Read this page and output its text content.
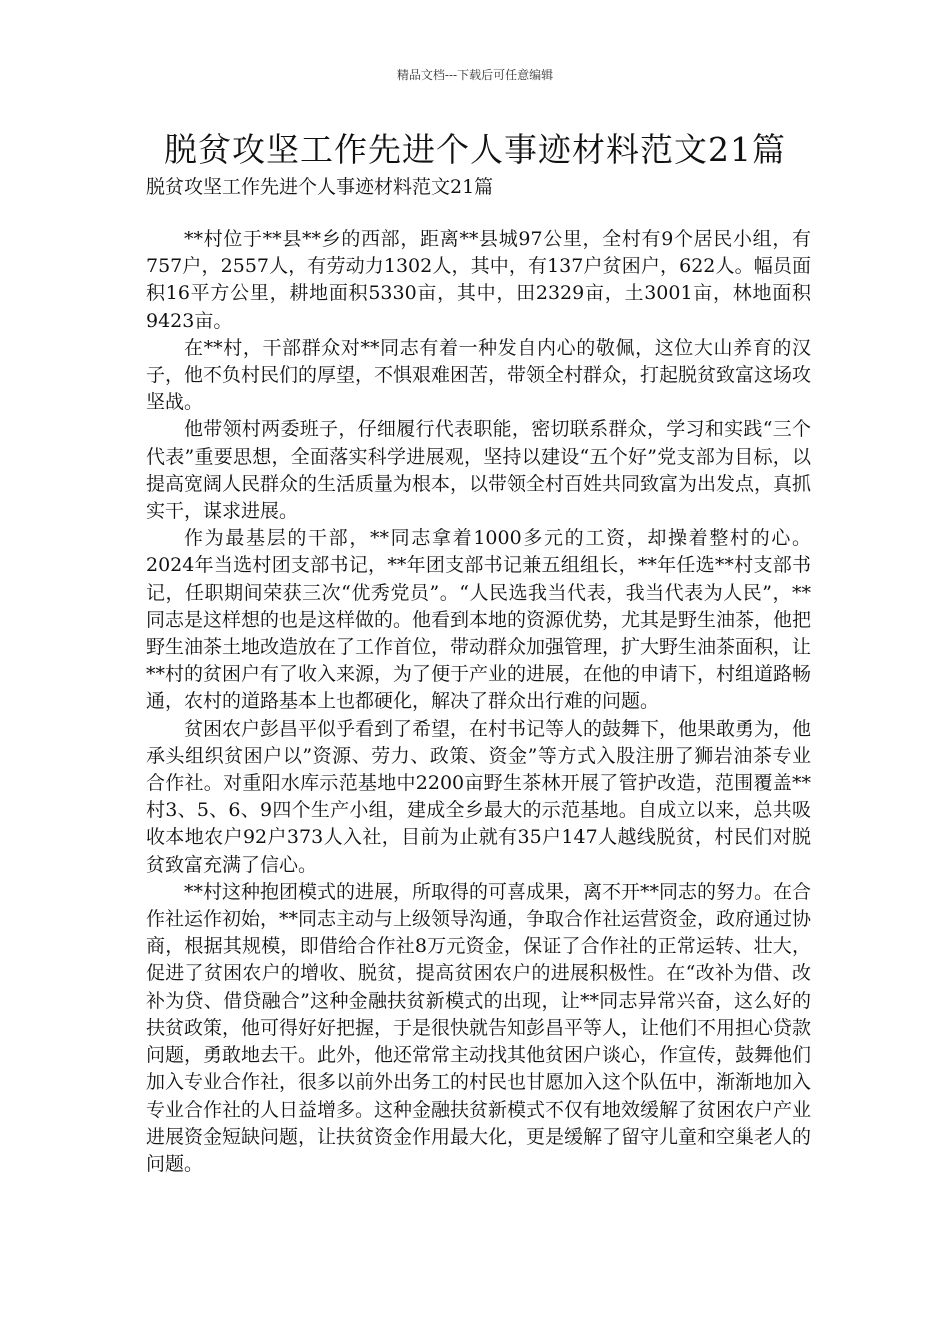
精品文档---下载后可任意编辑
脱贫攻坚工作先进个人事迹材料范文21篇

脱贫攻坚工作先进个人事迹材料范文21篇

**村位于**县**乡的西部，距离**县城97公里，全村有9个居民小组，有757户，2557人，有劳动力1302人，其中，有137户贫困户，622人。幅员面积16平方公里，耕地面积5330亩，其中，田2329亩，土3001亩，林地面积9423亩。

在**村，干部群众对**同志有着一种发自内心的敬佩，这位大山养育的汉子，他不负村民们的厚望，不惧艰难困苦，带领全村群众，打起脱贫致富这场攻坚战。

他带领村两委班子，仔细履行代表职能，密切联系群众，学习和实践“三个代表”重要思想，全面落实科学进展观，坚持以建设“五个好”党支部为目标，以提高宽阔人民群众的生活质量为根本，以带领全村百姓共同致富为出发点，真抓实干，谋求进展。

作为最基层的干部，**同志拿着1000多元的工资，却操着整村的心。2024年当选村团支部书记，**年团支部书记兼五组组长，**年任选**村支部书记，任职期间荣获三次“优秀党员”。“人民选我当代表，我当代表为人民”，**同志是这样想的也是这样做的。他看到本地的资源优势，尤其是野生油茶，他把野生油茶土地改造放在了工作首位，带动群众加强管理，扩大野生油茶面积，让**村的贫困户有了收入来源，为了便于产业的进展，在他的申请下，村组道路畅通，农村的道路基本上也都硬化，解决了群众出行难的问题。

贫困农户彭昌平似乎看到了希望，在村书记等人的鼓舞下，他果敢勇为，他承头组织贫困户以”资源、劳力、政策、资金”等方式入股注册了狮岩油茶专业合作社。对重阳水库示范基地中2200亩野生茶林开展了管护改造，范围覆盖**村3、5、6、9四个生产小组，建成全乡最大的示范基地。自成立以来，总共吸收本地农户92户373人入社，目前为止就有35户147人越线脱贫，村民们对脱贫致富充满了信心。

**村这种抱团模式的进展，所取得的可喜成果，离不开**同志的努力。在合作社运作初始，**同志主动与上级领导沟通，争取合作社运营资金，政府通过协商，根据其规模，即借给合作社8万元资金，保证了合作社的正常运转、壮大，促进了贫困农户的增收、脱贫，提高贫困农户的进展积极性。在“改补为借、改补为贷、借贷融合”这种金融扶贫新模式的出现，让**同志异常兴奋，这么好的扶贫政策，他可得好好把握，于是很快就告知彭昌平等人，让他们不用担心贷款问题，勇敢地去干。此外，他还常常主动找其他贫困户谈心，作宣传，鼓舞他们加入专业合作社，很多以前外出务工的村民也甘愿加入这个队伍中，渐渐地加入专业合作社的人日益增多。这种金融扶贫新模式不仅有地效缓解了贫困农户产业进展资金短缺问题，让扶贫资金作用最大化，更是缓解了留守儿童和空巢老人的问题。
